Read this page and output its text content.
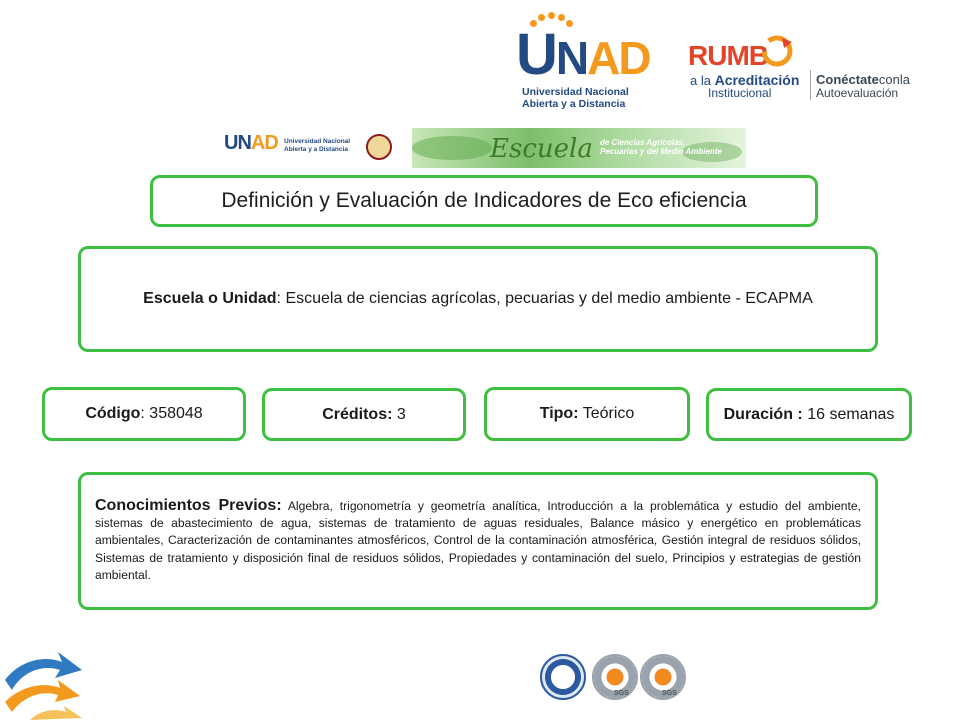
UNAD
Universidad Nacional
Abierta y a Distancia
RUMB
a la Acreditación
Institucional
Conéctateconla
Autoevaluación
UNAD Universidad Nacional
Abierta y a Distancia	Escuela de Ciencias Agrícolas,
Pecuarias y del Medio Ambiente
Definición y Evaluación de Indicadores de Eco eficiencia
Escuela o Unidad: Escuela de ciencias agrícolas, pecuarias y del medio ambiente - ECAPMA
Código: 358048	Créditos: 3	Tipo: Teórico	Duración : 16 semanas
Conocimientos Previos: Algebra, trigonometría y geometría analítica, Introducción a la problemática y estudio del ambiente, sistemas de abastecimiento de agua, sistemas de tratamiento de aguas residuales, Balance másico y energético en problemáticas ambientales, Caracterización de contaminantes atmosféricos, Control de la contaminación atmosférica, Gestión integral de residuos sólidos, Sistemas de tratamiento y disposición final de residuos sólidos, Propiedades y contaminación del suelo, Principios y estrategias de gestión ambiental.
SGS	SGS
